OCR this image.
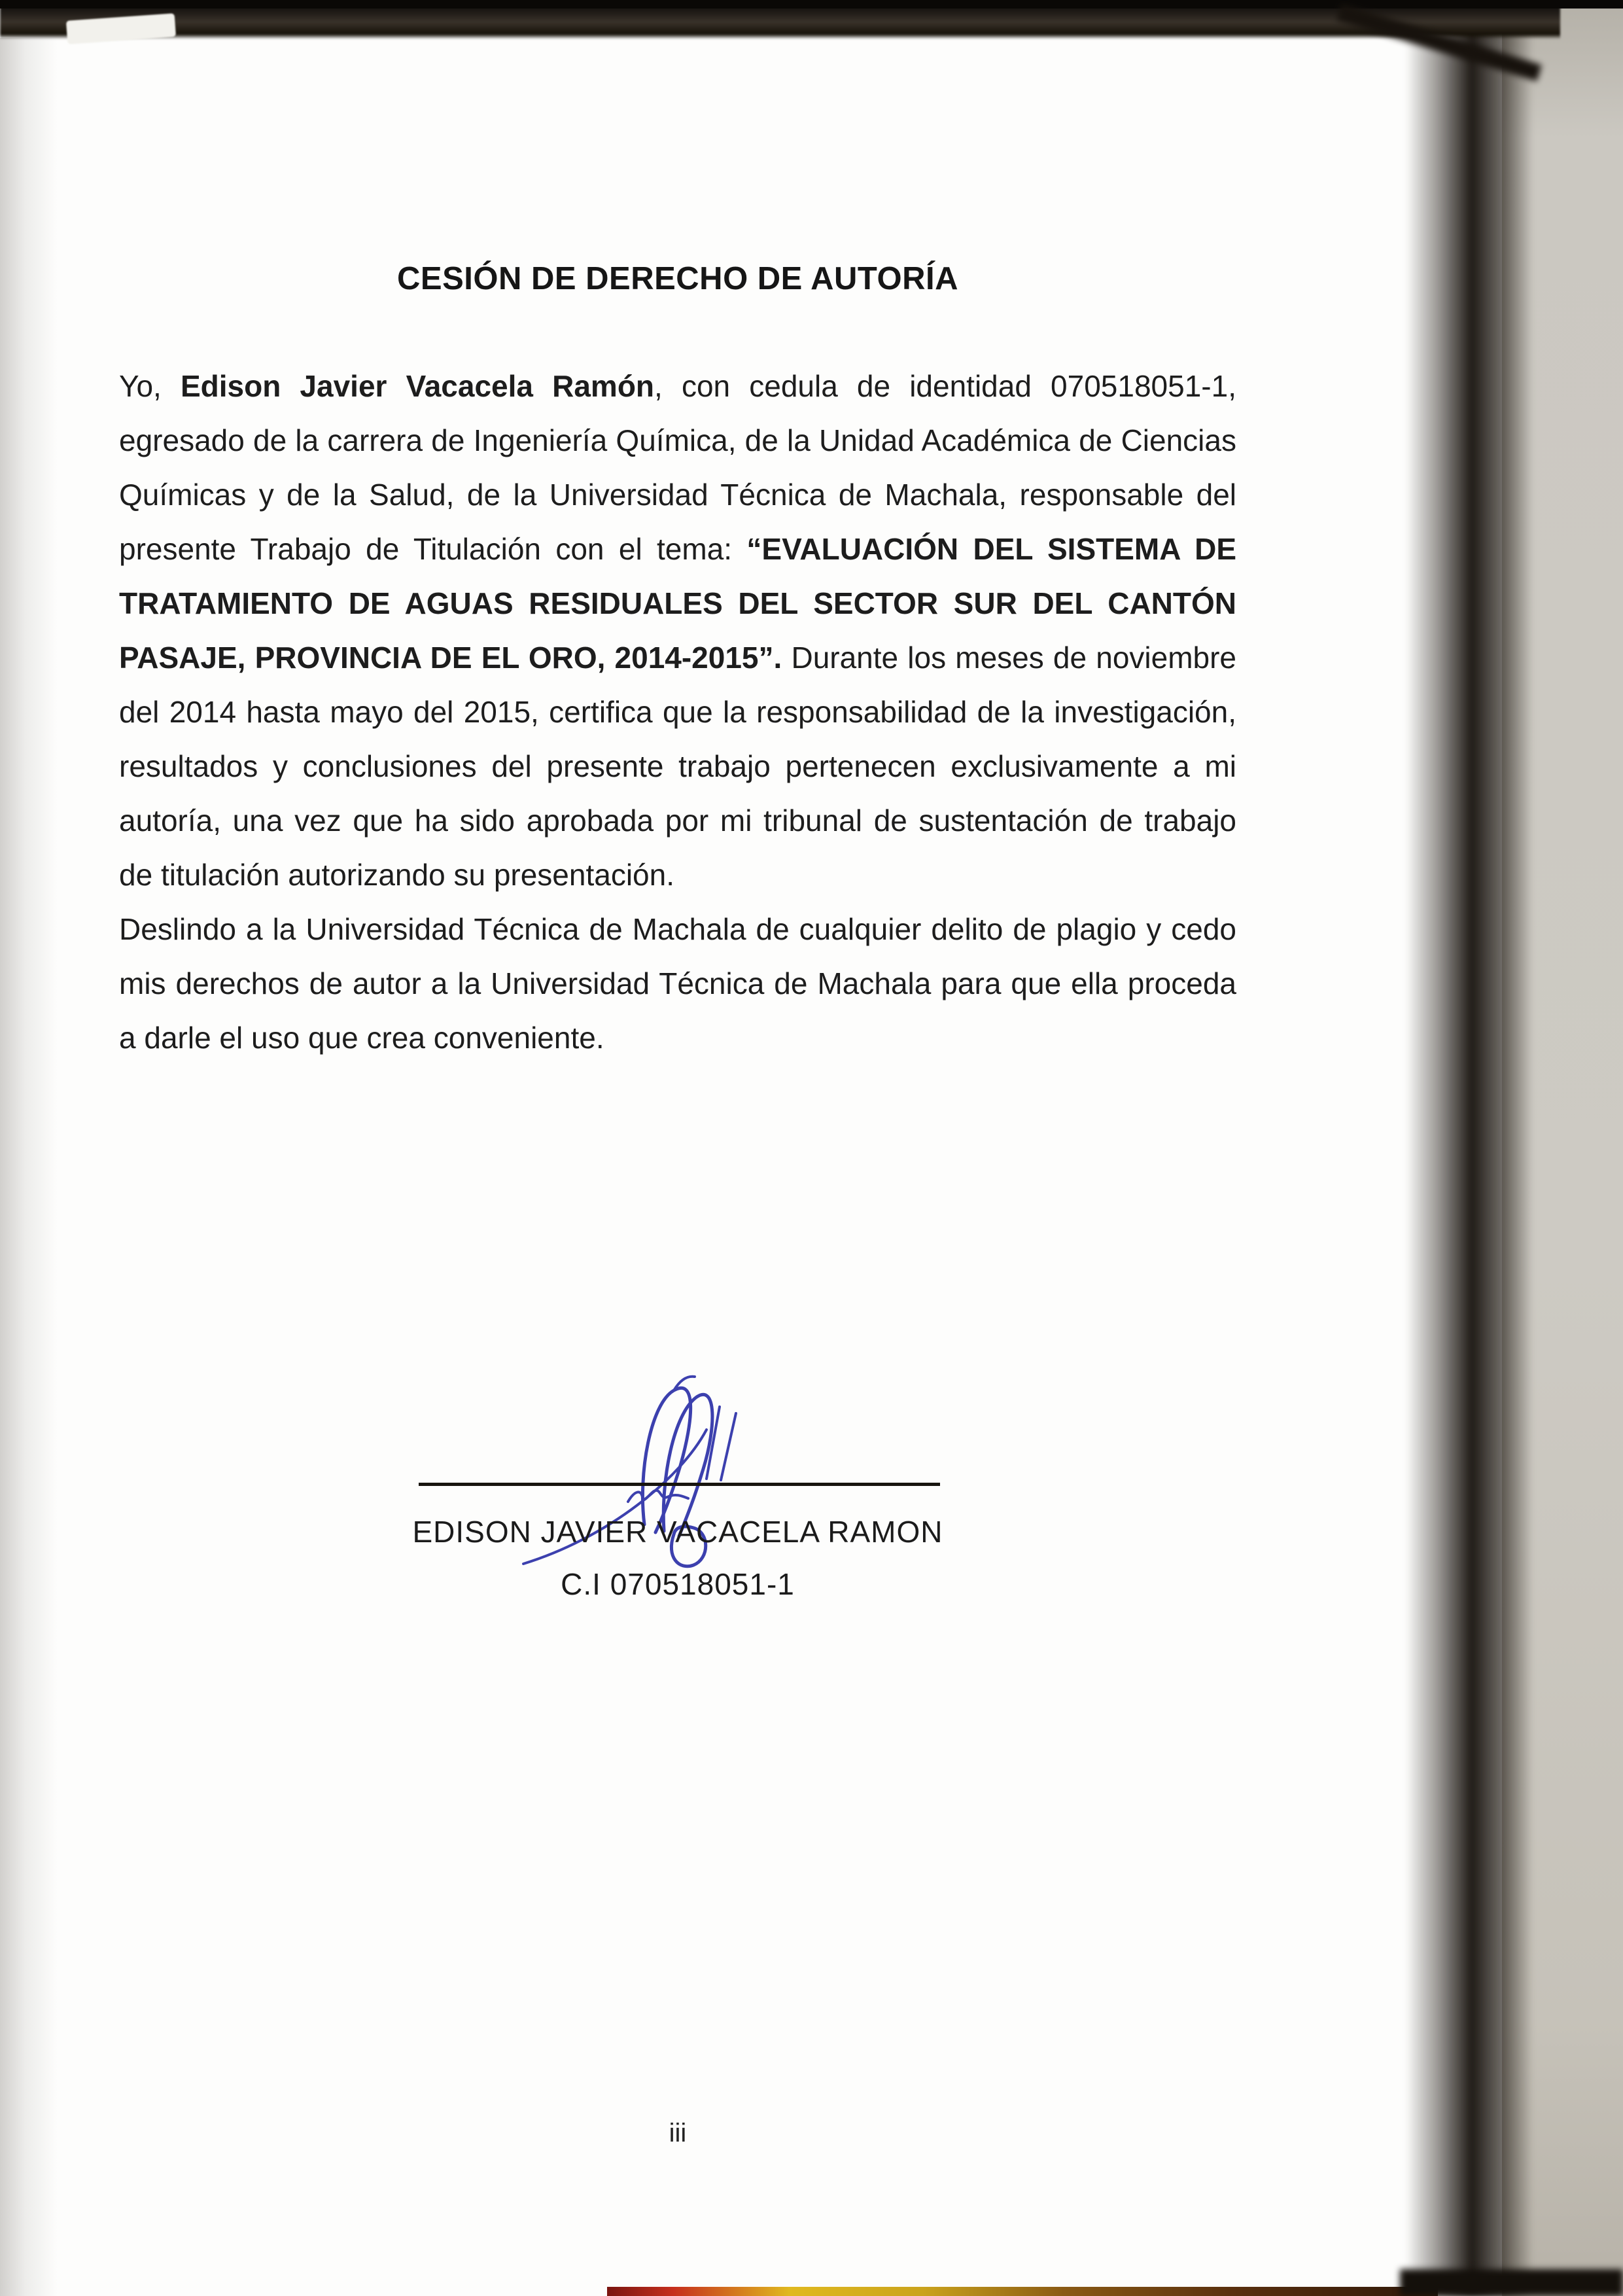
CESIÓN DE DERECHO DE AUTORÍA

Yo, Edison Javier Vacacela Ramón, con cedula de identidad 070518051-1, egresado de la carrera de Ingeniería Química, de la Unidad Académica de Ciencias Químicas y de la Salud, de la Universidad Técnica de Machala, responsable del presente Trabajo de Titulación con el tema: “EVALUACIÓN DEL SISTEMA DE TRATAMIENTO DE AGUAS RESIDUALES DEL SECTOR SUR DEL CANTÓN PASAJE, PROVINCIA DE EL ORO, 2014-2015”. Durante los meses de noviembre del 2014 hasta mayo del 2015, certifica que la responsabilidad de la investigación, resultados y conclusiones del presente trabajo pertenecen exclusivamente a mi autoría, una vez que ha sido aprobada por mi tribunal de sustentación de trabajo de titulación autorizando su presentación.

Deslindo a la Universidad Técnica de Machala de cualquier delito de plagio y cedo mis derechos de autor a la Universidad Técnica de Machala para que ella proceda a darle el uso que crea conveniente.

EDISON JAVIER VACACELA RAMON
C.I 070518051-1
iii
